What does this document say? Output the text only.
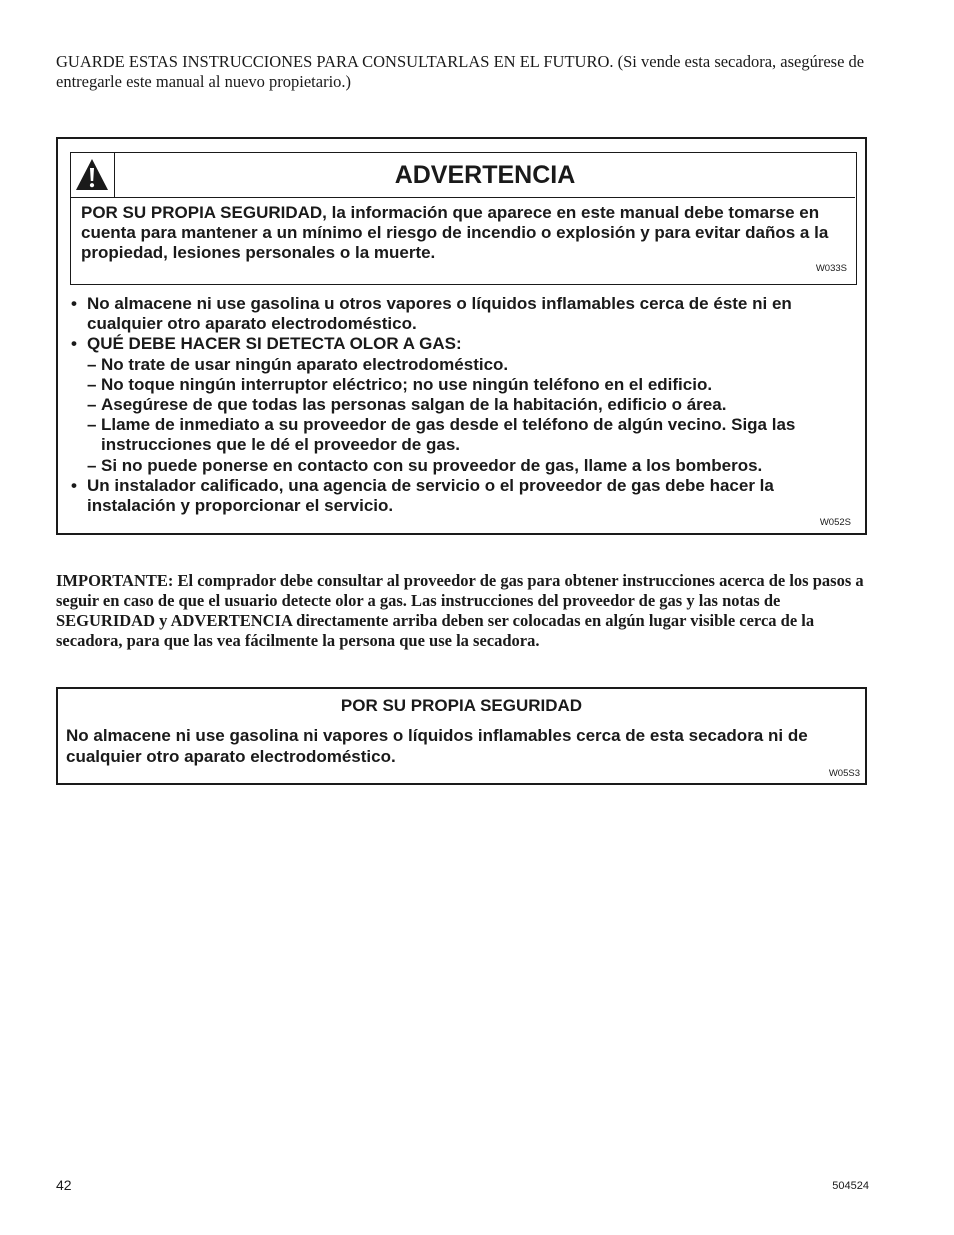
GUARDE ESTAS INSTRUCCIONES PARA CONSULTARLAS EN EL FUTURO. (Si vende esta secadora, asegúrese de entregarle este manual al nuevo propietario.)
ADVERTENCIA
POR SU PROPIA SEGURIDAD, la información que aparece en este manual debe tomarse en cuenta para mantener a un mínimo el riesgo de incendio o explosión y para evitar daños a la propiedad, lesiones personales o la muerte.
W033S
• No almacene ni use gasolina u otros vapores o líquidos inflamables cerca de éste ni en cualquier otro aparato electrodoméstico.
• QUÉ DEBE HACER SI DETECTA OLOR A GAS:
– No trate de usar ningún aparato electrodoméstico.
– No toque ningún interruptor eléctrico; no use ningún teléfono en el edificio.
– Asegúrese de que todas las personas salgan de la habitación, edificio o área.
– Llame de inmediato a su proveedor de gas desde el teléfono de algún vecino. Siga las instrucciones que le dé el proveedor de gas.
– Si no puede ponerse en contacto con su proveedor de gas, llame a los bomberos.
• Un instalador calificado, una agencia de servicio o el proveedor de gas debe hacer la instalación y proporcionar el servicio.
W052S
IMPORTANTE: El comprador debe consultar al proveedor de gas para obtener instrucciones acerca de los pasos a seguir en caso de que el usuario detecte olor a gas. Las instrucciones del proveedor de gas y las notas de SEGURIDAD y ADVERTENCIA directamente arriba deben ser colocadas en algún lugar visible cerca de la secadora, para que las vea fácilmente la persona que use la secadora.
POR SU PROPIA SEGURIDAD
No almacene ni use gasolina ni vapores o líquidos inflamables cerca de esta secadora ni de cualquier otro aparato electrodoméstico.
W05S3
42	504524
